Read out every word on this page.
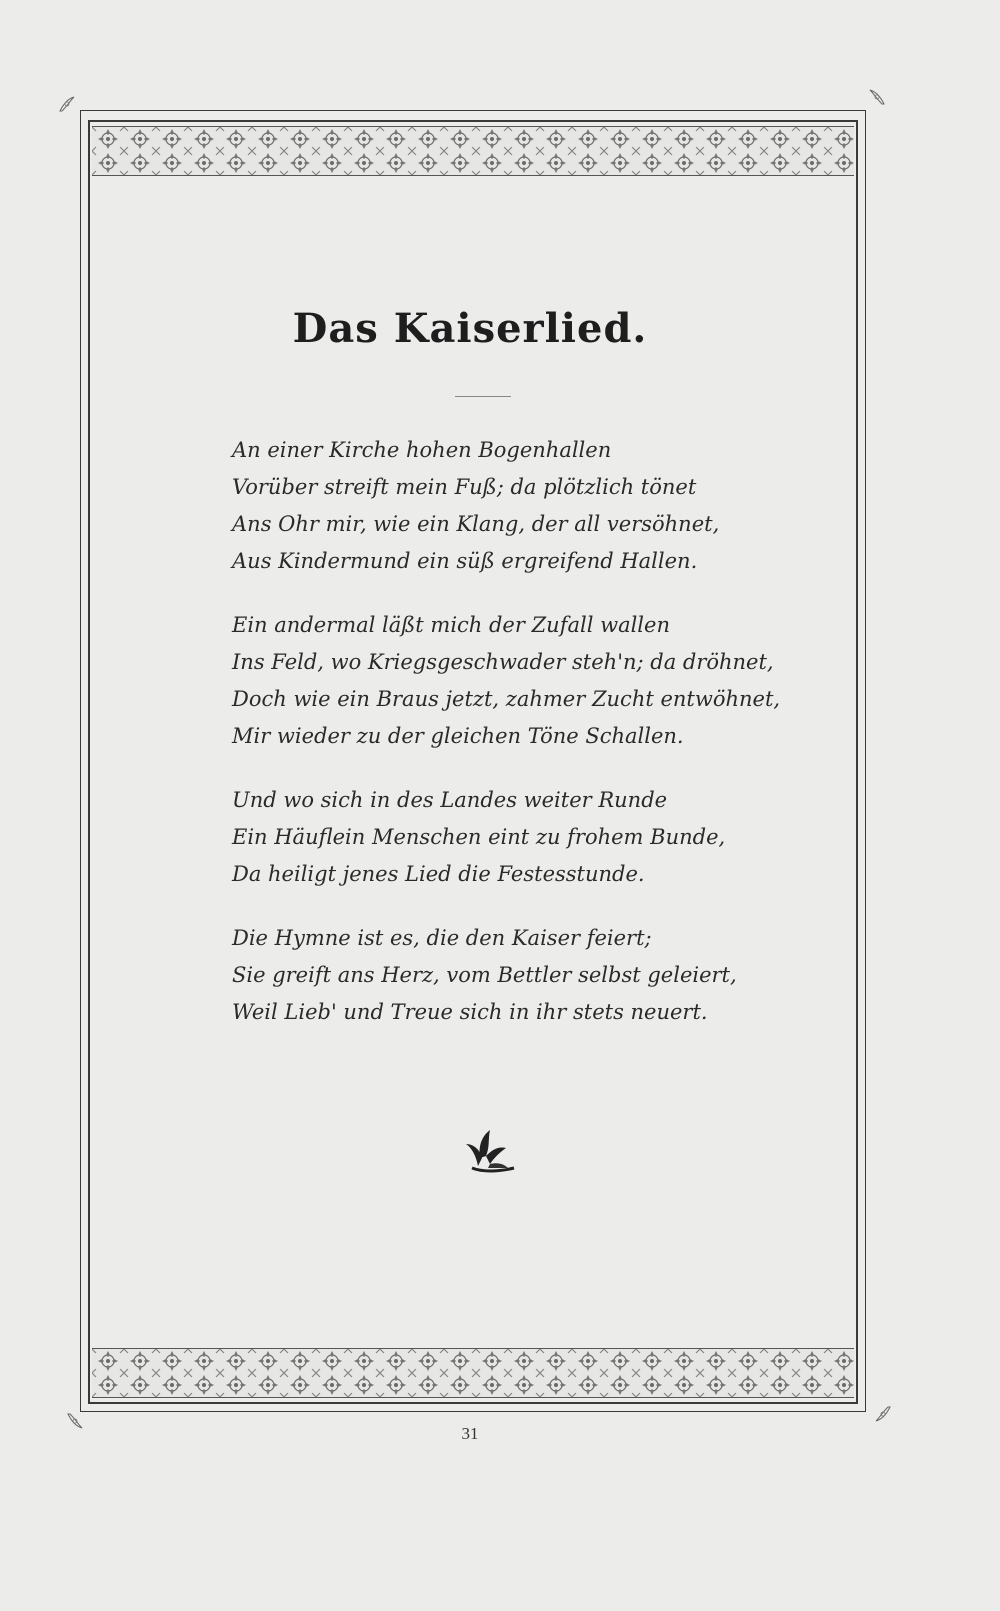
Das Kaiserlied.
An einer Kirche hohen Bogenhallen
Vorüber streift mein Fuß; da plötzlich tönet
Ans Ohr mir, wie ein Klang, der all versöhnet,
Aus Kindermund ein süß ergreifend Hallen.
Ein andermal läßt mich der Zufall wallen
Ins Feld, wo Kriegsgeschwader steh'n; da dröhnet,
Doch wie ein Braus jetzt, zahmer Zucht entwöhnet,
Mir wieder zu der gleichen Töne Schallen.
Und wo sich in des Landes weiter Runde
Ein Häuflein Menschen eint zu frohem Bunde,
Da heiligt jenes Lied die Festesstunde.
Die Hymne ist es, die den Kaiser feiert;
Sie greift ans Herz, vom Bettler selbst geleiert,
Weil Lieb' und Treue sich in ihr stets neuert.
31
